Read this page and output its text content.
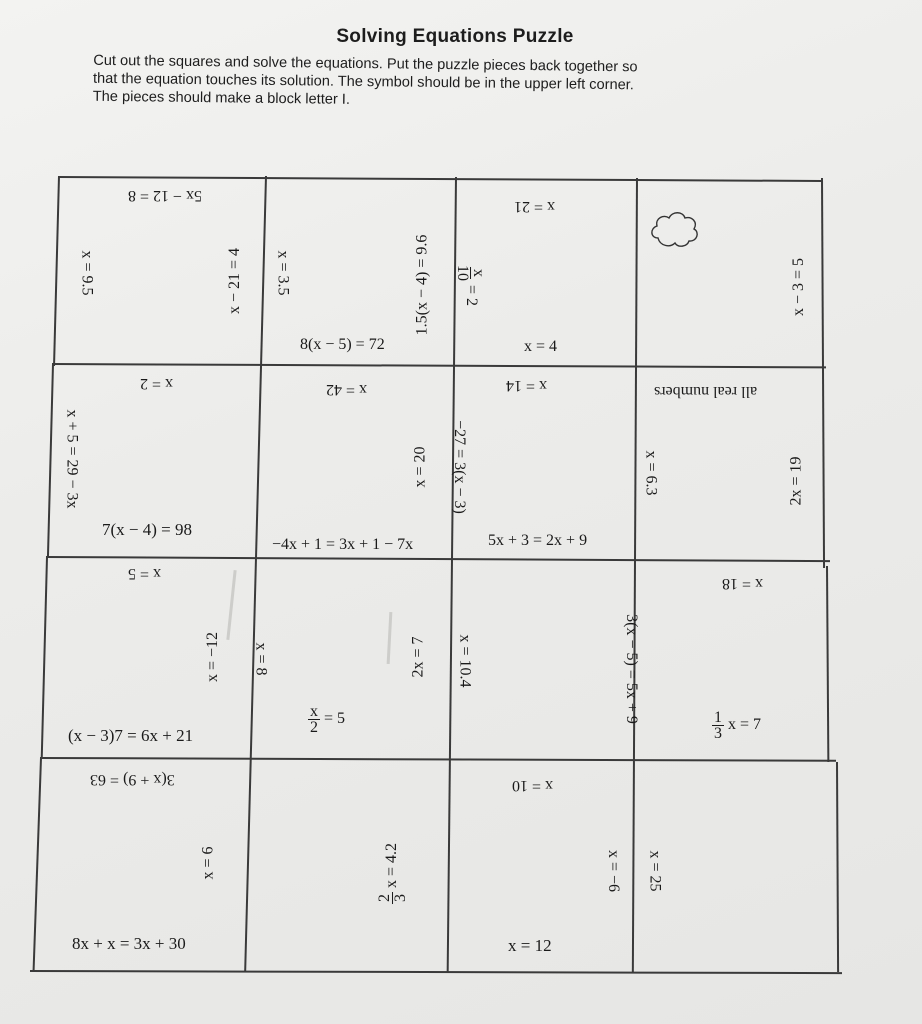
Solving Equations Puzzle
Cut out the squares and solve the equations. Put the puzzle pieces back together so
that the equation touches its solution. The symbol should be in the upper left corner.
The pieces should make a block letter I.
5x − 12 = 8
x = 9.5	x − 21 = 4 x = 3.5	1.5(x − 4) = 9.6
8(x − 5) = 72
x = 21
x
10
= 2
x = 4
x − 3 = 5
x = 2
x + 5 = 29 − 3x
7(x − 4) = 98
x = 42
x = 20
−4x + 1 = 3x + 1 − 7x
x = 14
−27 = 3(x − 3)
5x + 3 = 2x + 9
all real numbers
x = 6.3	2x = 19
x = 5
x = −12
(x − 3)7 = 6x + 21
x = 8	2x = 7
$\frac{x}{2} = 5$
x = 10.4	3(x − 5) = 5x + 9
x = 18
$\frac{1}{3}$ x = 7
3(x + 9) = 63
x = 6
8x + x = 3x + 30
2 3
x = 4.2
x = 10
x = −6
x = 12
x = 25
